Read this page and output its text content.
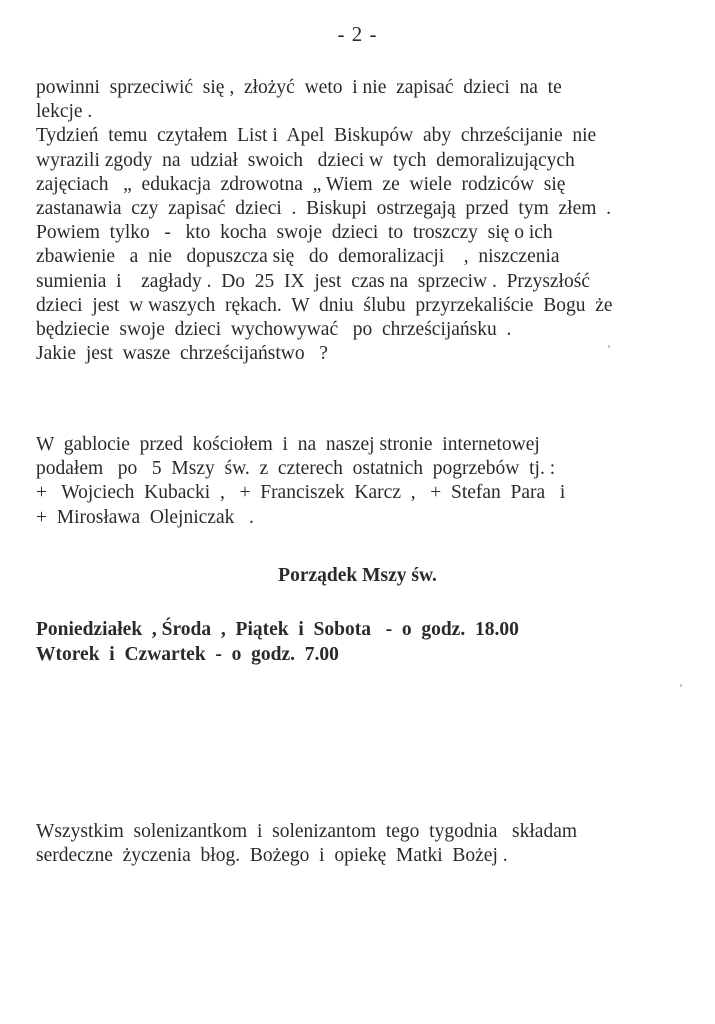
- 2 -
powinni  sprzeciwić  się ,  złożyć  weto  i nie  zapisać  dzieci  na  te
lekcje .
Tydzień  temu  czytałem  List i  Apel  Biskupów  aby  chrześcijanie  nie
wyrazili zgody  na  udział  swoich   dzieci w  tych  demoralizujących
zajęciach   „  edukacja  zdrowotna  „ Wiem  ze  wiele  rodziców  się
zastanawia  czy  zapisać  dzieci  .  Biskupi  ostrzegają  przed  tym  złem  .
Powiem  tylko   -   kto  kocha  swoje  dzieci  to  troszczy  się o ich
zbawienie   a  nie   dopuszcza się   do  demoralizacji    ,  niszczenia
sumienia  i    zagłady .  Do  25  IX  jest  czas na  sprzeciw .  Przyszłość
dzieci  jest  w waszych  rękach.  W  dniu  ślubu  przyrzekaliście  Bogu  że
będziecie  swoje  dzieci  wychowywać   po  chrześcijańsku  .
Jakie  jest  wasze  chrześcijaństwo   ?
W  gablocie  przed  kościołem  i  na  naszej stronie  internetowej
podałem   po   5  Mszy  św.  z  czterech  ostatnich  pogrzebów  tj. :
+   Wojciech  Kubacki  ,   +  Franciszek  Karcz  ,   +  Stefan  Para   i
+  Mirosława  Olejniczak   .
Porządek Mszy św.
Poniedziałek  , Środa  ,  Piątek  i  Sobota   -  o  godz.  18.00
Wtorek  i  Czwartek  -  o  godz.  7.00
Wszystkim  solenizantkom  i  solenizantom  tego  tygodnia   składam
serdeczne  życzenia  błog.  Bożego  i  opiekę  Matki  Bożej .
